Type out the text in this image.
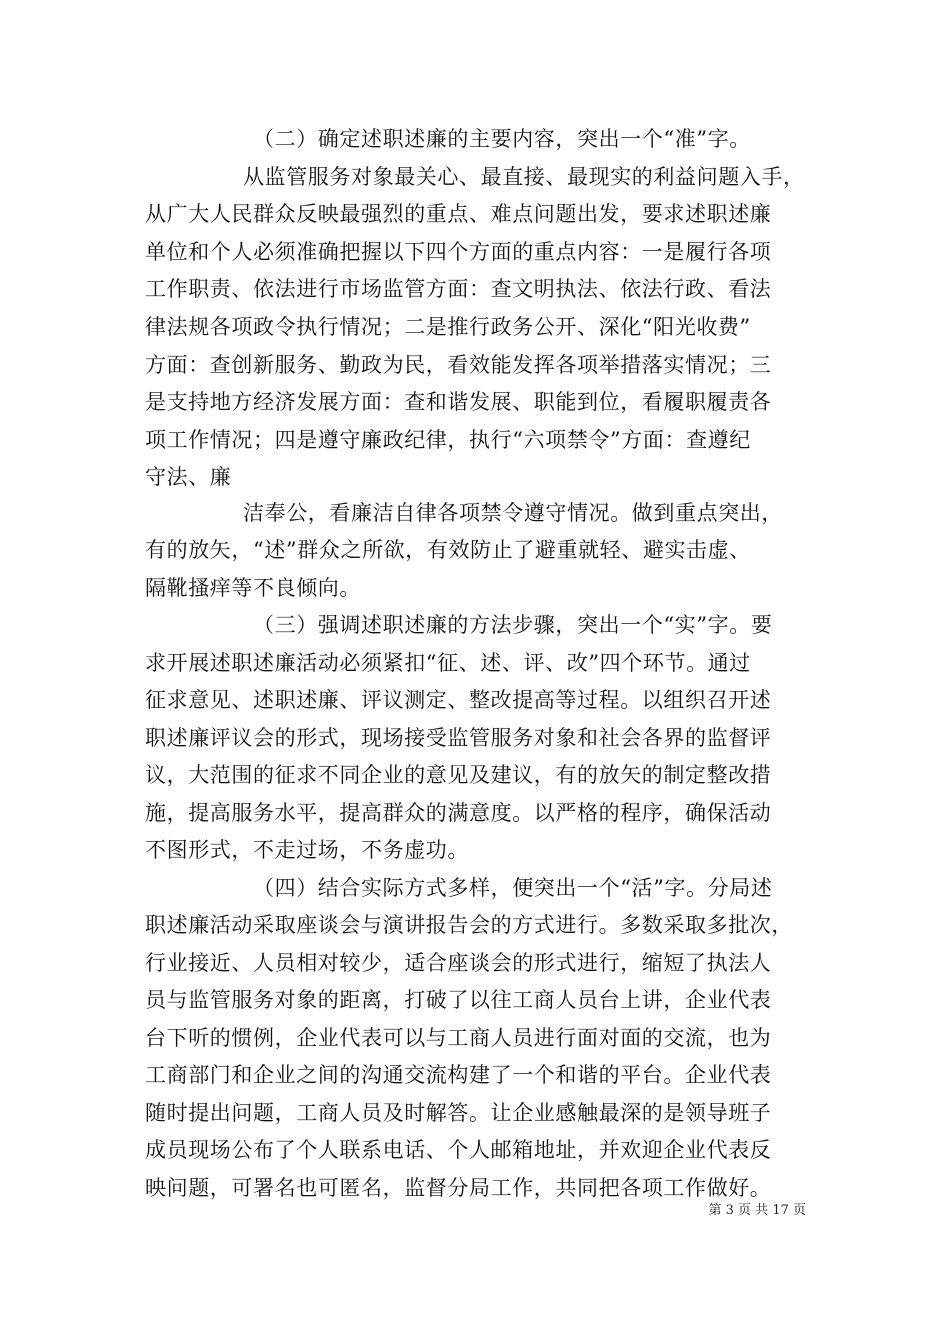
（二）确定述职述廉的主要内容，突出一个“准”字。
从监管服务对象最关心、最直接、最现实的利益问题入手，
从广大人民群众反映最强烈的重点、难点问题出发，要求述职述廉
单位和个人必须准确把握以下四个方面的重点内容：一是履行各项
工作职责、依法进行市场监管方面：查文明执法、依法行政、看法
律法规各项政令执行情况；二是推行政务公开、深化“阳光收费”
方面：查创新服务、勤政为民，看效能发挥各项举措落实情况；三
是支持地方经济发展方面：查和谐发展、职能到位，看履职履责各
项工作情况；四是遵守廉政纪律，执行“六项禁令”方面：查遵纪
守法、廉
洁奉公，看廉洁自律各项禁令遵守情况。做到重点突出，
有的放矢，“述”群众之所欲，有效防止了避重就轻、避实击虚、
隔靴搔痒等不良倾向。
（三）强调述职述廉的方法步骤，突出一个“实”字。要
求开展述职述廉活动必须紧扣“征、述、评、改”四个环节。通过
征求意见、述职述廉、评议测定、整改提高等过程。以组织召开述
职述廉评议会的形式，现场接受监管服务对象和社会各界的监督评
议，大范围的征求不同企业的意见及建议，有的放矢的制定整改措
施，提高服务水平，提高群众的满意度。以严格的程序，确保活动
不图形式，不走过场，不务虚功。
（四）结合实际方式多样，便突出一个“活”字。分局述
职述廉活动采取座谈会与演讲报告会的方式进行。多数采取多批次，
行业接近、人员相对较少，适合座谈会的形式进行，缩短了执法人
员与监管服务对象的距离，打破了以往工商人员台上讲，企业代表
台下听的惯例，企业代表可以与工商人员进行面对面的交流，也为
工商部门和企业之间的沟通交流构建了一个和谐的平台。企业代表
随时提出问题，工商人员及时解答。让企业感触最深的是领导班子
成员现场公布了个人联系电话、个人邮箱地址，并欢迎企业代表反
映问题，可署名也可匿名，监督分局工作，共同把各项工作做好。
第 3 页 共 17 页
